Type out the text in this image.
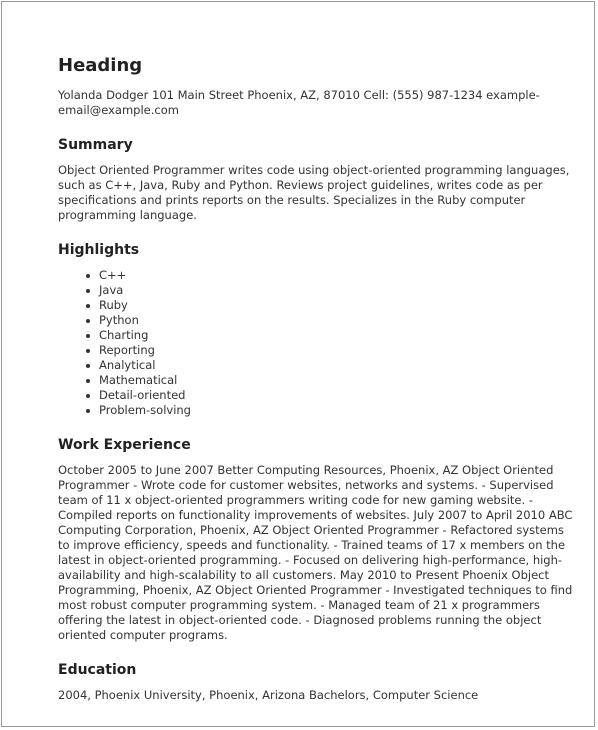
Heading
Yolanda Dodger 101 Main Street Phoenix, AZ, 87010 Cell: (555) 987-1234 example-email@example.com
Summary
Object Oriented Programmer writes code using object-oriented programming languages, such as C++, Java, Ruby and Python. Reviews project guidelines, writes code as per specifications and prints reports on the results. Specializes in the Ruby computer programming language.
Highlights
C++
Java
Ruby
Python
Charting
Reporting
Analytical
Mathematical
Detail-oriented
Problem-solving
Work Experience
October 2005 to June 2007 Better Computing Resources, Phoenix, AZ Object Oriented Programmer - Wrote code for customer websites, networks and systems. - Supervised team of 11 x object-oriented programmers writing code for new gaming website. - Compiled reports on functionality improvements of websites. July 2007 to April 2010 ABC Computing Corporation, Phoenix, AZ Object Oriented Programmer - Refactored systems to improve efficiency, speeds and functionality. - Trained teams of 17 x members on the latest in object-oriented programming. - Focused on delivering high-performance, high-availability and high-scalability to all customers. May 2010 to Present Phoenix Object Programming, Phoenix, AZ Object Oriented Programmer - Investigated techniques to find most robust computer programming system. - Managed team of 21 x programmers offering the latest in object-oriented code. - Diagnosed problems running the object oriented computer programs.
Education
2004, Phoenix University, Phoenix, Arizona Bachelors, Computer Science
